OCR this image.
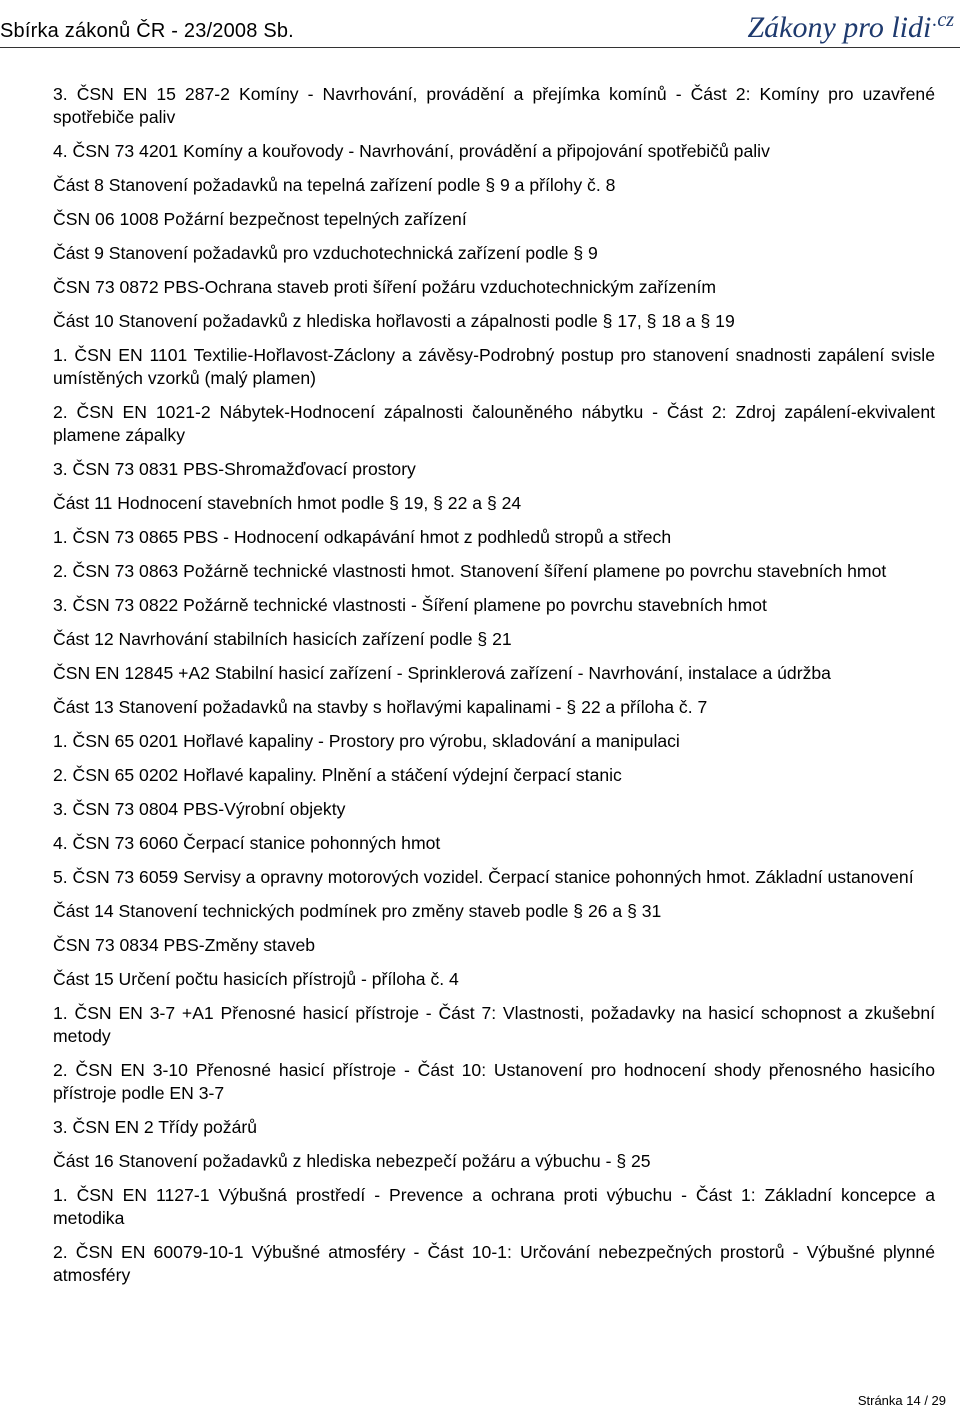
Sbírka zákonů ČR - 23/2008 Sb.	Zákony pro lidi$^{.cz}$
3. ČSN EN 15 287-2 Komíny - Navrhování, provádění a přejímka komínů - Část 2: Komíny pro uzavřené spotřebiče paliv
4. ČSN 73 4201 Komíny a kouřovody - Navrhování, provádění a připojování spotřebičů paliv
Část 8 Stanovení požadavků na tepelná zařízení podle § 9 a přílohy č. 8
ČSN 06 1008 Požární bezpečnost tepelných zařízení
Část 9 Stanovení požadavků pro vzduchotechnická zařízení podle § 9
ČSN 73 0872 PBS-Ochrana staveb proti šíření požáru vzduchotechnickým zařízením
Část 10 Stanovení požadavků z hlediska hořlavosti a zápalnosti podle § 17, § 18 a § 19
1. ČSN EN 1101 Textilie-Hořlavost-Záclony a závěsy-Podrobný postup pro stanovení snadnosti zapálení svisle umístěných vzorků (malý plamen)
2. ČSN EN 1021-2 Nábytek-Hodnocení zápalnosti čalouněného nábytku - Část 2: Zdroj zapálení-ekvivalent plamene zápalky
3. ČSN 73 0831 PBS-Shromažďovací prostory
Část 11 Hodnocení stavebních hmot podle § 19, § 22 a § 24
1. ČSN 73 0865 PBS - Hodnocení odkapávání hmot z podhledů stropů a střech
2. ČSN 73 0863 Požárně technické vlastnosti hmot. Stanovení šíření plamene po povrchu stavebních hmot
3. ČSN 73 0822 Požárně technické vlastnosti - Šíření plamene po povrchu stavebních hmot
Část 12 Navrhování stabilních hasicích zařízení podle § 21
ČSN EN 12845 +A2 Stabilní hasicí zařízení - Sprinklerová zařízení - Navrhování, instalace a údržba
Část 13 Stanovení požadavků na stavby s hořlavými kapalinami - § 22 a příloha č. 7
1. ČSN 65 0201 Hořlavé kapaliny - Prostory pro výrobu, skladování a manipulaci
2. ČSN 65 0202 Hořlavé kapaliny. Plnění a stáčení výdejní čerpací stanic
3. ČSN 73 0804 PBS-Výrobní objekty
4. ČSN 73 6060 Čerpací stanice pohonných hmot
5. ČSN 73 6059 Servisy a opravny motorových vozidel. Čerpací stanice pohonných hmot. Základní ustanovení
Část 14 Stanovení technických podmínek pro změny staveb podle § 26 a § 31
ČSN 73 0834 PBS-Změny staveb
Část 15 Určení počtu hasicích přístrojů - příloha č. 4
1. ČSN EN 3-7 +A1 Přenosné hasicí přístroje - Část 7: Vlastnosti, požadavky na hasicí schopnost a zkušební metody
2. ČSN EN 3-10 Přenosné hasicí přístroje - Část 10: Ustanovení pro hodnocení shody přenosného hasicího přístroje podle EN 3-7
3. ČSN EN 2 Třídy požárů
Část 16 Stanovení požadavků z hlediska nebezpečí požáru a výbuchu - § 25
1. ČSN EN 1127-1 Výbušná prostředí - Prevence a ochrana proti výbuchu - Část 1: Základní koncepce a metodika
2. ČSN EN 60079-10-1 Výbušné atmosféry - Část 10-1: Určování nebezpečných prostorů - Výbušné plynné atmosféry
Stránka 14 / 29
